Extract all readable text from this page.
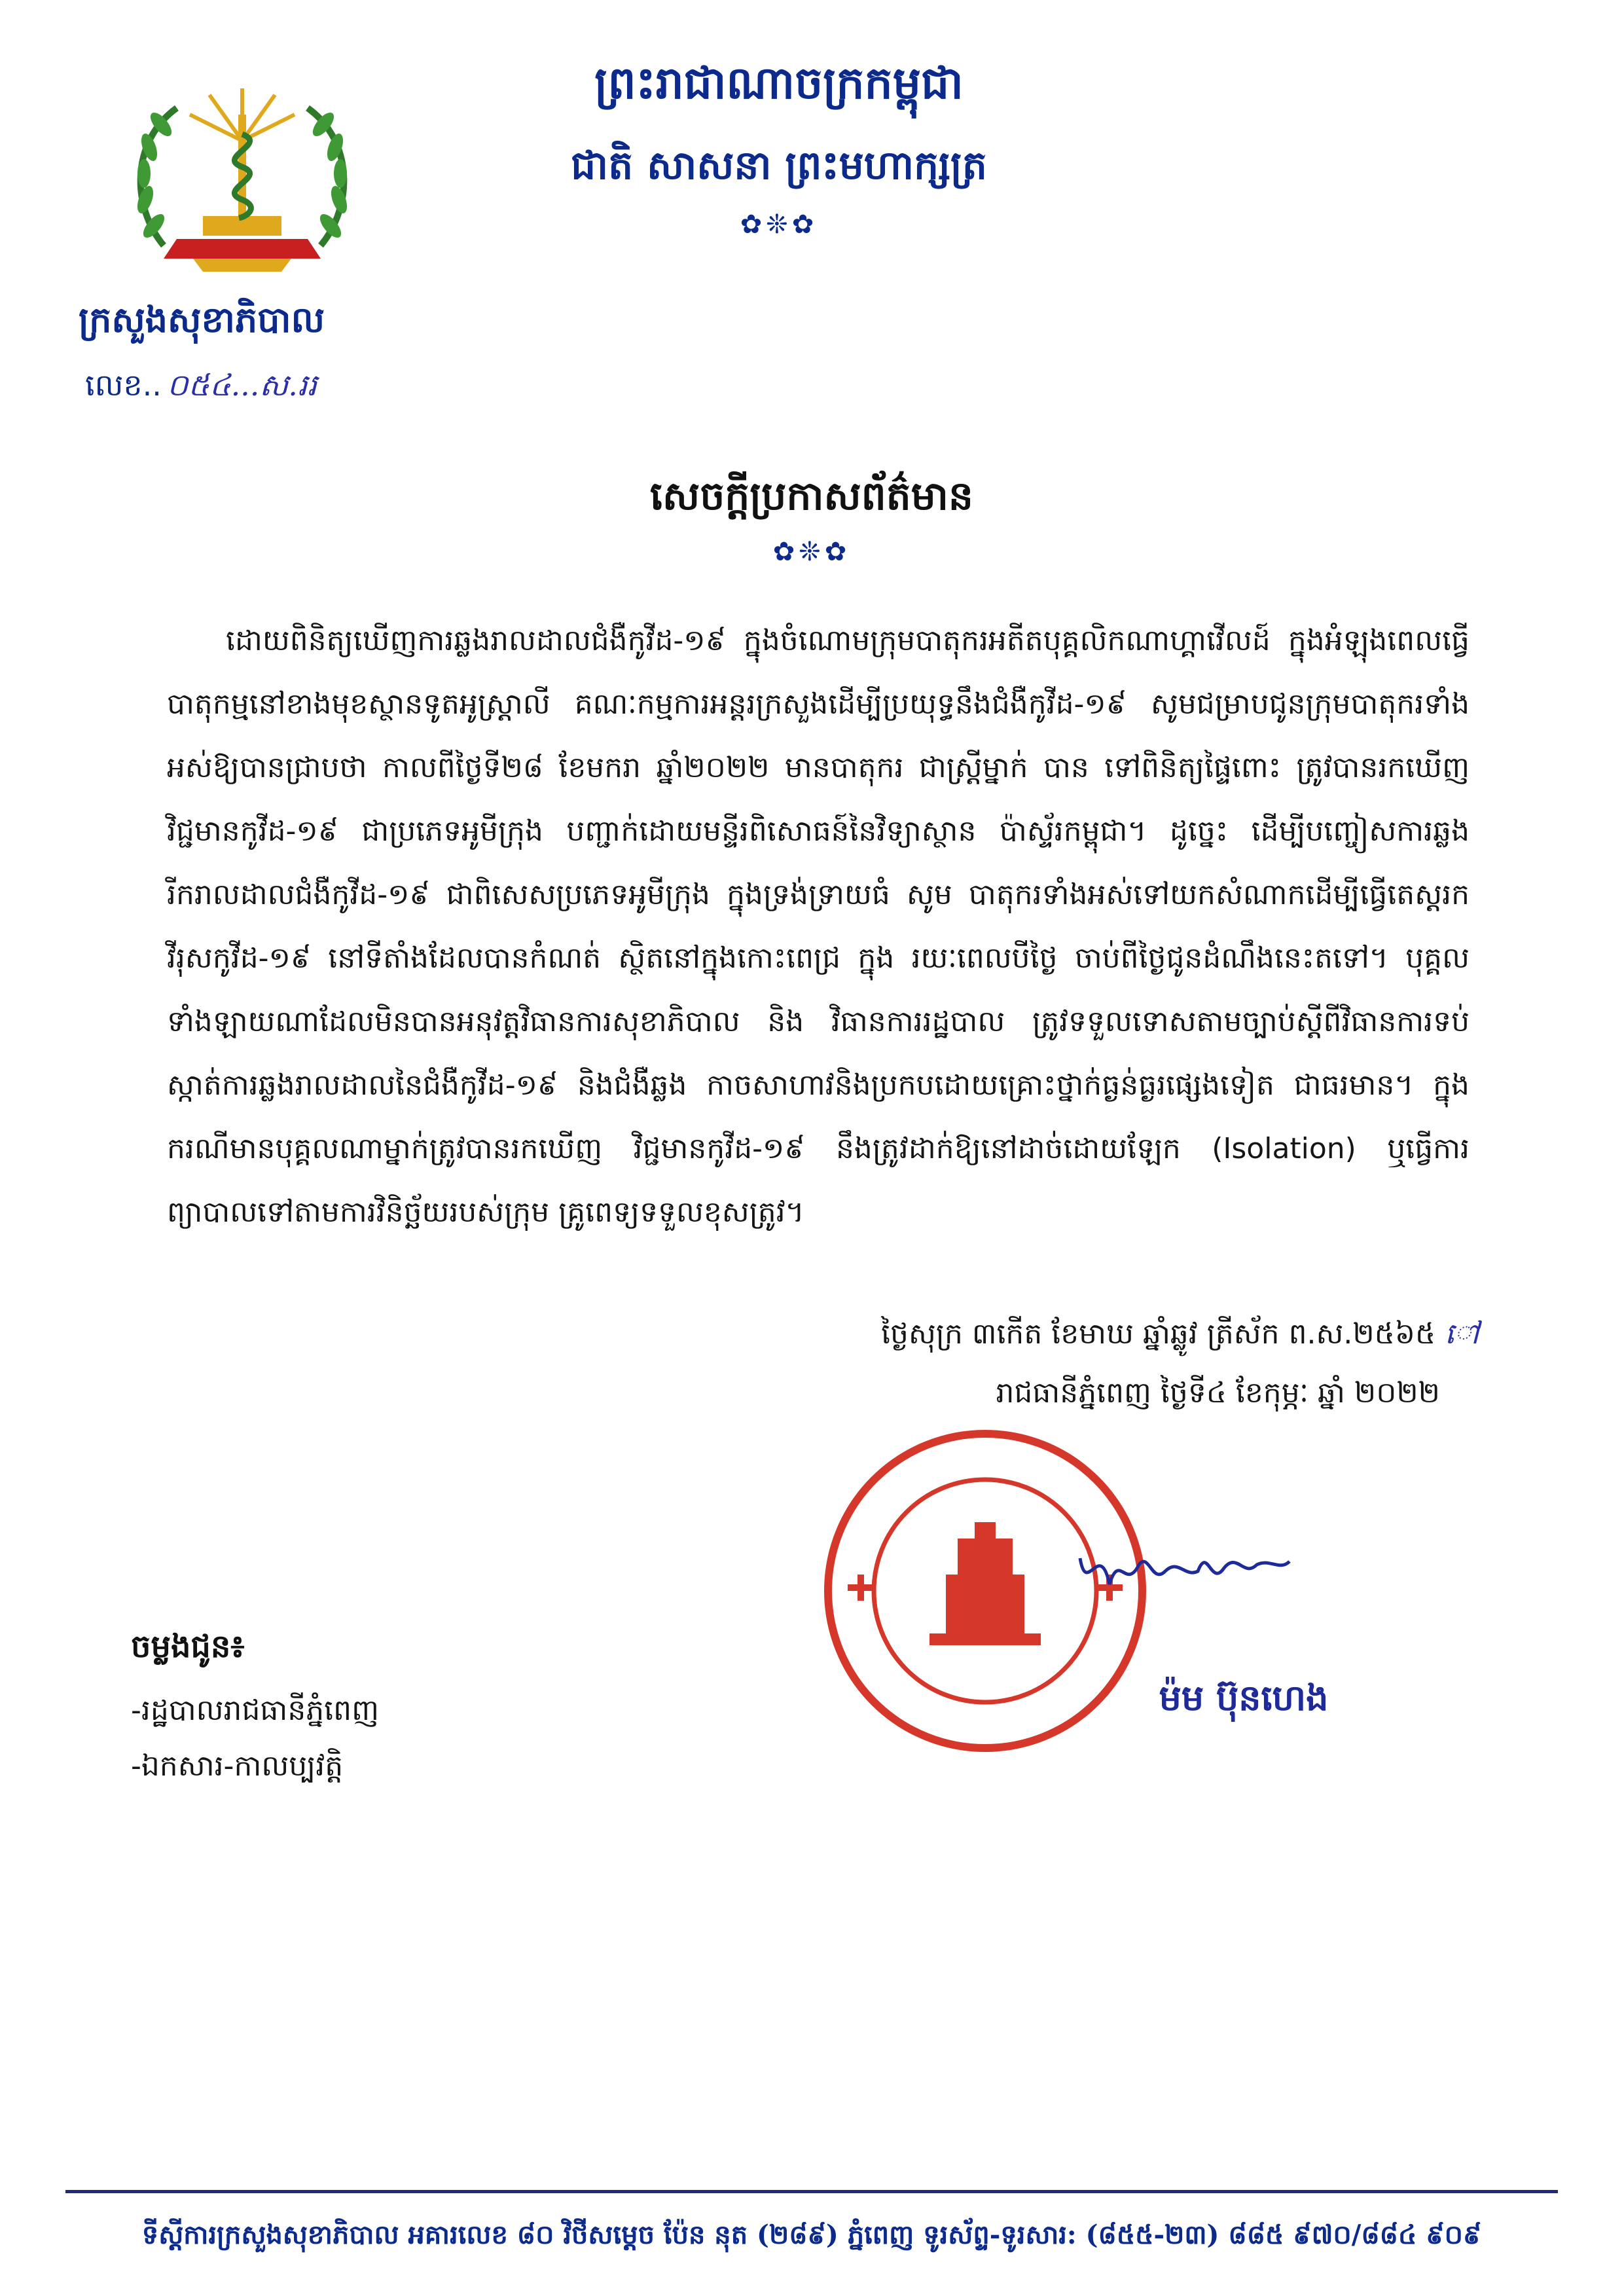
ព្រះរាជាណាចក្រកម្ពុជា
ជាតិ សាសនា ព្រះមហាក្សត្រ
✿❊✿
ក្រសួងសុខាភិបាល
លេខ.. ០៥៤...ស.ររ
សេចក្ដីប្រកាសព័ត៌មាន
✿❊✿
ដោយពិនិត្យឃើញការឆ្លងរាលដាលជំងឺកូវីដ-១៩ ក្នុងចំណោមក្រុមបាតុករអតីតបុគ្គលិកណាហ្គាវើលដ៍ ក្នុងអំឡុងពេលធ្វើបាតុកម្មនៅខាងមុខស្ថានទូតអូស្ត្រាលី គណៈកម្មការអន្តរក្រសួងដើម្បីប្រយុទ្ធនឹងជំងឺកូវីដ-១៩ សូមជម្រាបជូនក្រុមបាតុករទាំងអស់ឱ្យបានជ្រាបថា កាលពីថ្ងៃទី២៨ ខែមករា ឆ្នាំ២០២២ មានបាតុករ ជាស្ត្រីម្នាក់ បាន ទៅពិនិត្យផ្ទៃពោះ ត្រូវបានរកឃើញវិជ្ជមានកូវីដ-១៩ ជាប្រភេទអូមីក្រុង បញ្ជាក់ដោយមន្ទីរពិសោធន៍នៃវិទ្យាស្ថាន ប៉ាស្ទ័រកម្ពុជា។ ដូច្នេះ ដើម្បីបញ្ចៀសការឆ្លងរីករាលដាលជំងឺកូវីដ-១៩ ជាពិសេសប្រភេទអូមីក្រុង ក្នុងទ្រង់ទ្រាយធំ សូម បាតុករទាំងអស់ទៅយកសំណាកដើម្បីធ្វើតេស្តរកវីរុសកូវីដ-១៩ នៅទីតាំងដែលបានកំណត់ ស្ថិតនៅក្នុងកោះពេជ្រ ក្នុង រយៈពេលបីថ្ងៃ ចាប់ពីថ្ងៃជូនដំណឹងនេះតទៅ។ បុគ្គលទាំងឡាយណាដែលមិនបានអនុវត្តវិធានការសុខាភិបាល និង វិធានការរដ្ឋបាល ត្រូវទទួលទោសតាមច្បាប់ស្តីពីវិធានការទប់ស្កាត់ការឆ្លងរាលដាលនៃជំងឺកូវីដ-១៩ និងជំងឺឆ្លង កាចសាហាវនិងប្រកបដោយគ្រោះថ្នាក់ធ្ងន់ធ្ងរផ្សេងទៀត ជាធរមាន។ ក្នុងករណីមានបុគ្គលណាម្នាក់ត្រូវបានរកឃើញ វិជ្ជមានកូវីដ-១៩ នឹងត្រូវដាក់ឱ្យនៅដាច់ដោយឡែក (Isolation) ឬធ្វើការព្យាបាលទៅតាមការវិនិច្ឆ័យរបស់ក្រុម គ្រូពេទ្យទទួលខុសត្រូវ។
ថ្ងៃសុក្រ ៣កើត ខែមាឃ ឆ្នាំឆ្លូវ ត្រីស័ក ព.ស.២៥៦៥ ៅ
រាជធានីភ្នំពេញ ថ្ងៃទី៤ ខែកុម្ភៈ ឆ្នាំ ២០២២
ម៉ម ប៊ុនហេង
ចម្លងជូន៖
-រដ្ឋបាលរាជធានីភ្នំពេញ
-ឯកសារ-កាលប្បវត្តិ
ទីស្តីការក្រសួងសុខាភិបាល អគារលេខ ៨០ វិថីសម្ដេច ប៉ែន នុត (២៨៩) ភ្នំពេញ ទូរស័ព្ទ-ទូរសារ: (៨៥៥-២៣) ៨៨៥ ៩៧០/៨៨៤ ៩០៩
